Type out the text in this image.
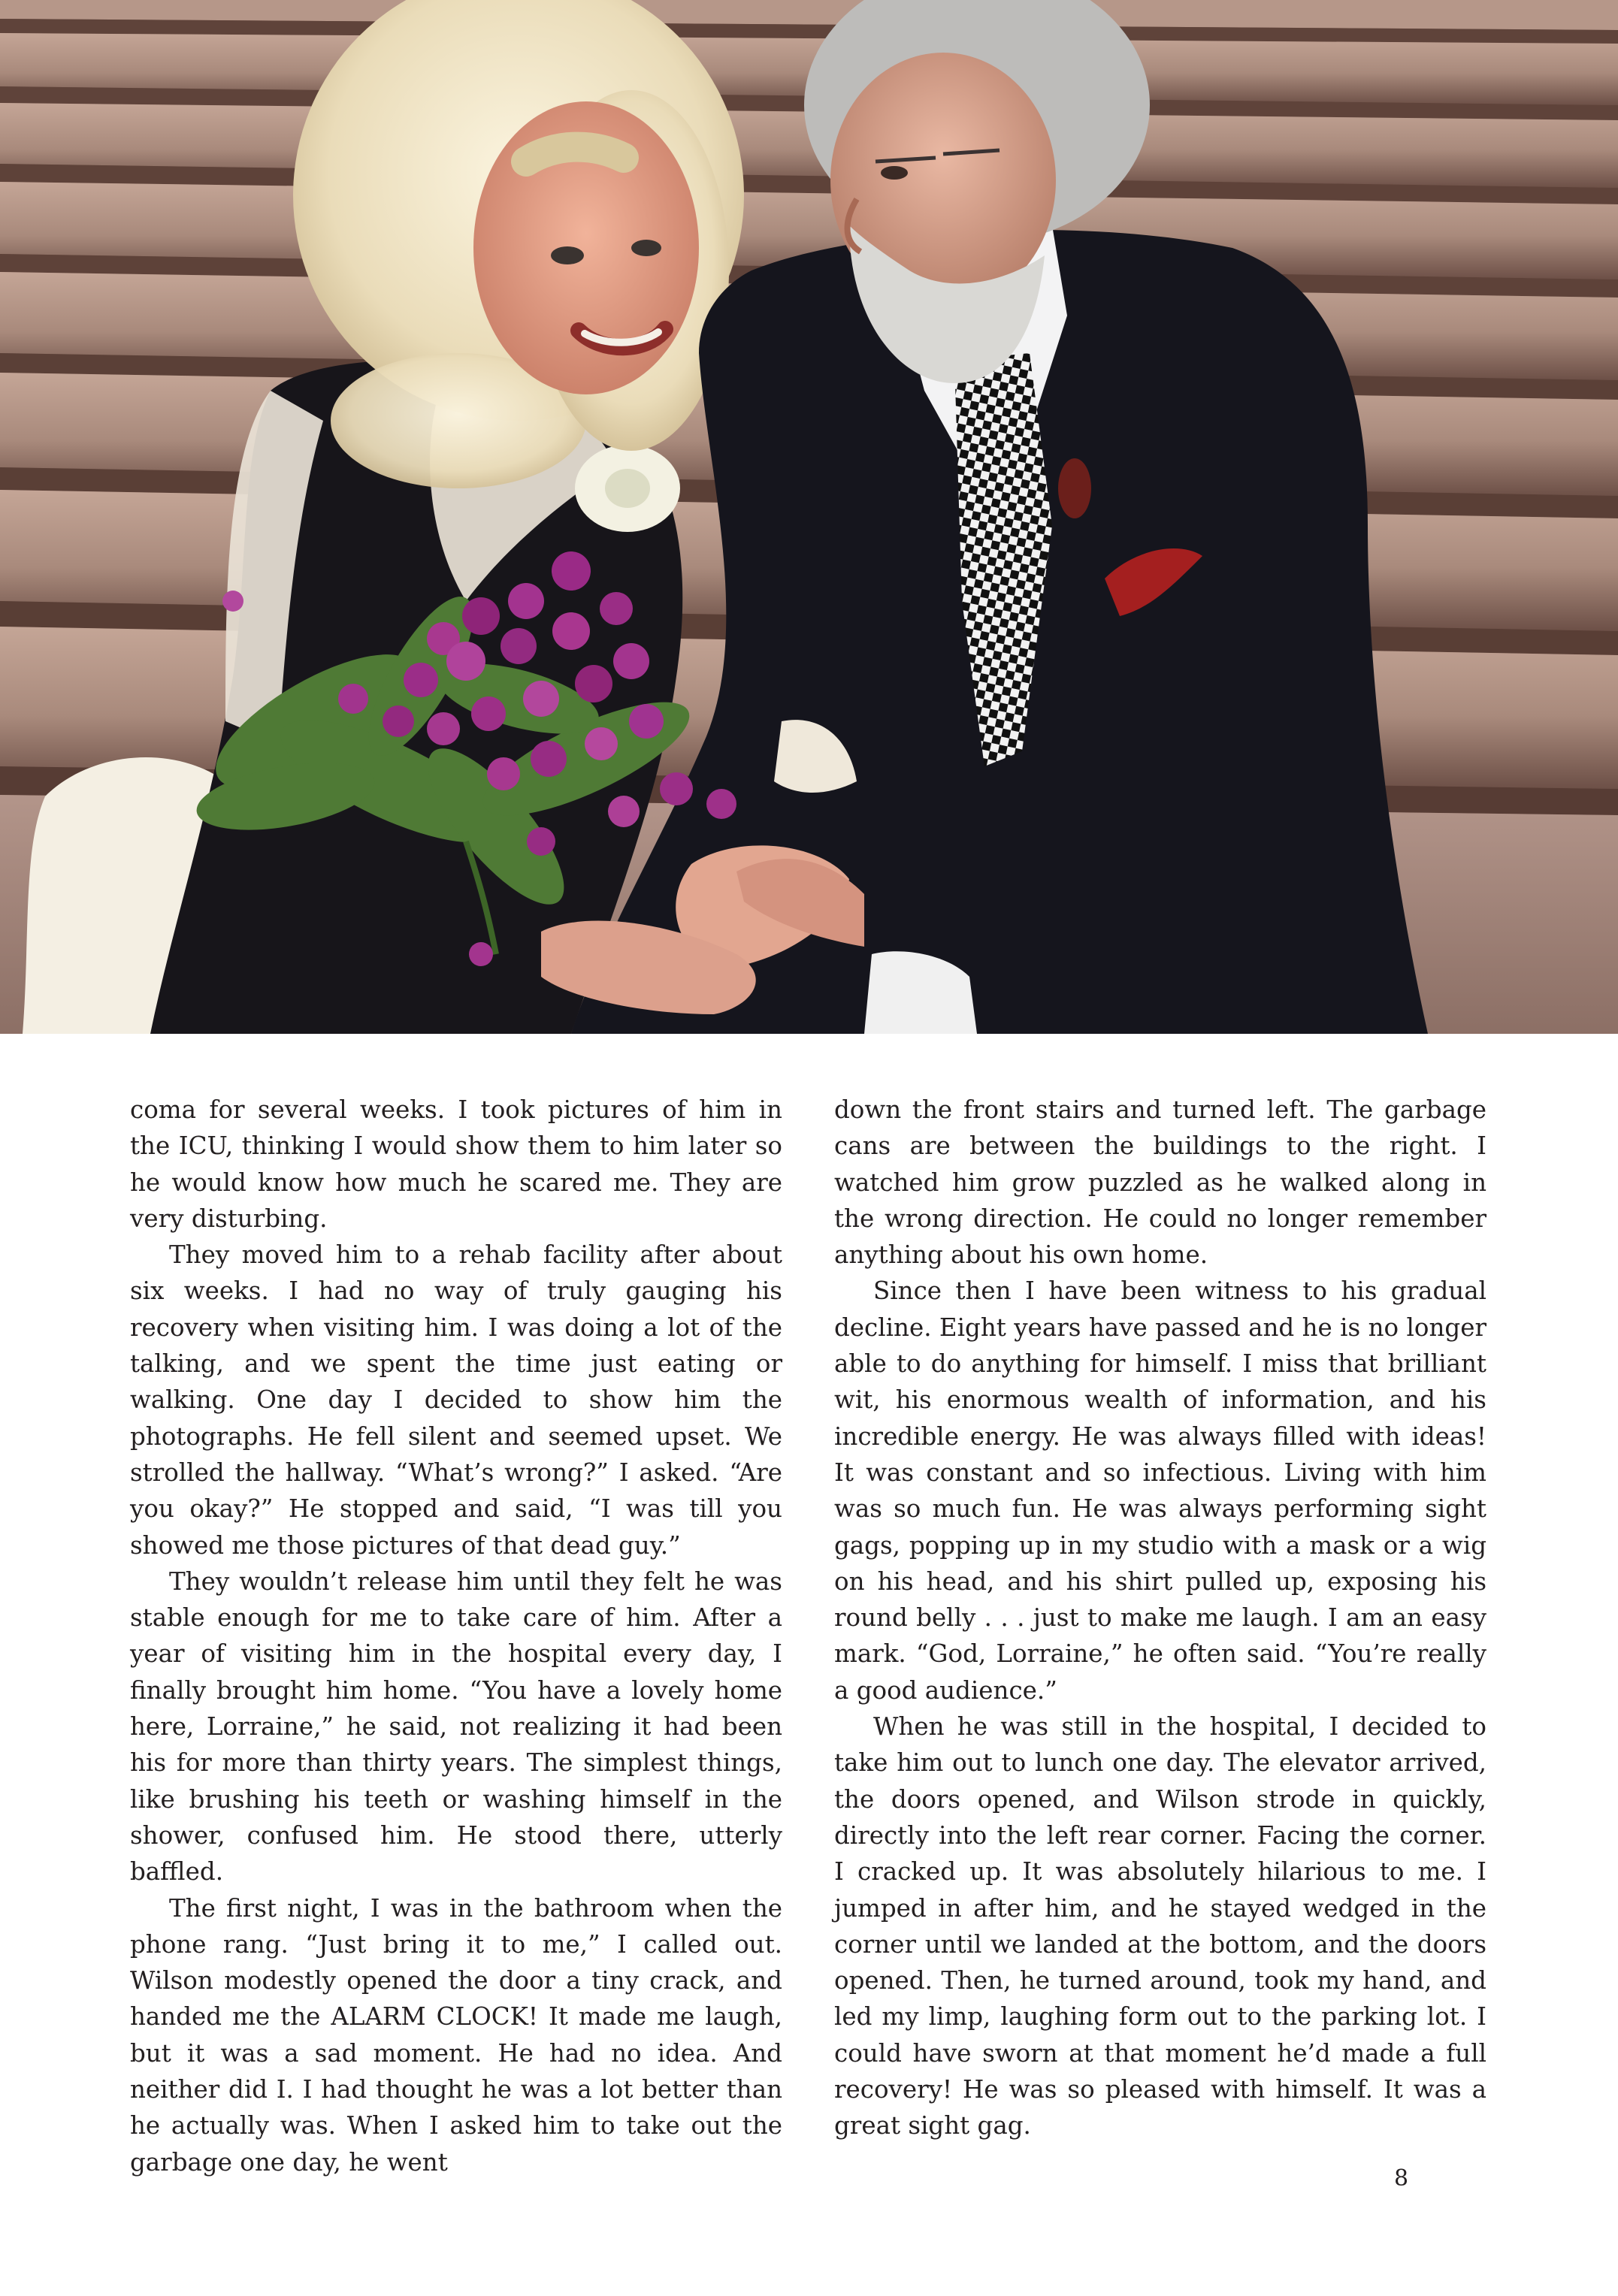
coma for several weeks. I took pictures of him in the ICU, thinking I would show them to him later so he would know how much he scared me. They are very disturbing.

They moved him to a rehab facility after about six weeks. I had no way of truly gauging his recovery when visiting him. I was doing a lot of the talking, and we spent the time just eating or walking. One day I decided to show him the photographs. He fell silent and seemed upset. We strolled the hallway. “What’s wrong?” I asked. “Are you okay?” He stopped and said, “I was till you showed me those pictures of that dead guy.”

They wouldn’t release him until they felt he was stable enough for me to take care of him. After a year of visiting him in the hospital every day, I finally brought him home. “You have a lovely home here, Lorraine,” he said, not realizing it had been his for more than thirty years. The simplest things, like brushing his teeth or washing himself in the shower, confused him. He stood there, utterly baffled.

The first night, I was in the bathroom when the phone rang. “Just bring it to me,” I called out. Wilson modestly opened the door a tiny crack, and handed me the ALARM CLOCK! It made me laugh, but it was a sad moment. He had no idea. And neither did I. I had thought he was a lot better than he actually was. When I asked him to take out the garbage one day, he went

down the front stairs and turned left. The garbage cans are between the buildings to the right. I watched him grow puzzled as he walked along in the wrong direction. He could no longer remember anything about his own home.

Since then I have been witness to his gradual decline. Eight years have passed and he is no longer able to do anything for himself. I miss that brilliant wit, his enormous wealth of information, and his incredible energy. He was always filled with ideas! It was constant and so infectious. Living with him was so much fun. He was always performing sight gags, popping up in my studio with a mask or a wig on his head, and his shirt pulled up, exposing his round belly . . . just to make me laugh. I am an easy mark. “God, Lorraine,” he often said. “You’re really a good audience.”

When he was still in the hospital, I decided to take him out to lunch one day. The elevator arrived, the doors opened, and Wilson strode in quickly, directly into the left rear corner. Facing the corner. I cracked up. It was absolutely hilarious to me. I jumped in after him, and he stayed wedged in the corner until we landed at the bottom, and the doors opened. Then, he turned around, took my hand, and led my limp, laughing form out to the parking lot. I could have sworn at that moment he’d made a full recovery! He was so pleased with himself. It was a great sight gag.

8
